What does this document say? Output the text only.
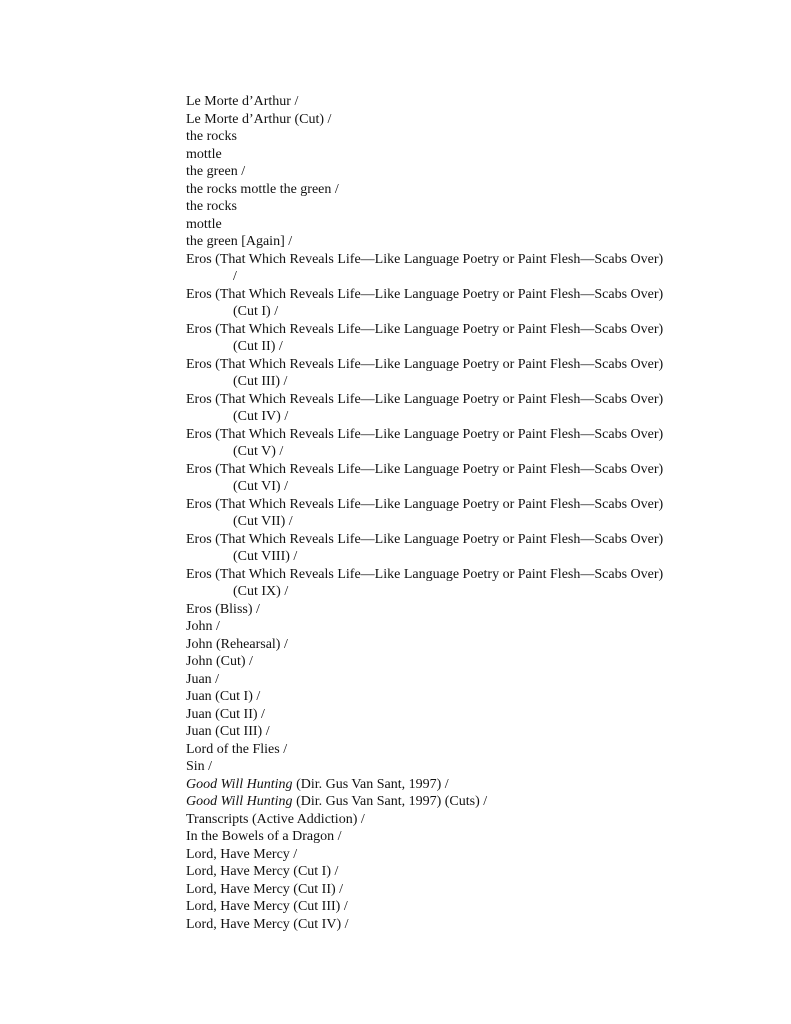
Le Morte d’Arthur /
Le Morte d’Arthur (Cut) /
the rocks
mottle
the green /
the rocks mottle the green /
the rocks
mottle
the green [Again] /
Eros (That Which Reveals Life—Like Language Poetry or Paint Flesh—Scabs Over)
/
Eros (That Which Reveals Life—Like Language Poetry or Paint Flesh—Scabs Over)
(Cut I) /
Eros (That Which Reveals Life—Like Language Poetry or Paint Flesh—Scabs Over)
(Cut II) /
Eros (That Which Reveals Life—Like Language Poetry or Paint Flesh—Scabs Over)
(Cut III) /
Eros (That Which Reveals Life—Like Language Poetry or Paint Flesh—Scabs Over)
(Cut IV) /
Eros (That Which Reveals Life—Like Language Poetry or Paint Flesh—Scabs Over)
(Cut V) /
Eros (That Which Reveals Life—Like Language Poetry or Paint Flesh—Scabs Over)
(Cut VI) /
Eros (That Which Reveals Life—Like Language Poetry or Paint Flesh—Scabs Over)
(Cut VII) /
Eros (That Which Reveals Life—Like Language Poetry or Paint Flesh—Scabs Over)
(Cut VIII) /
Eros (That Which Reveals Life—Like Language Poetry or Paint Flesh—Scabs Over)
(Cut IX) /
Eros (Bliss) /
John /
John (Rehearsal) /
John (Cut) /
Juan /
Juan (Cut I) /
Juan (Cut II) /
Juan (Cut III) /
Lord of the Flies /
Sin /
Good Will Hunting (Dir. Gus Van Sant, 1997) /
Good Will Hunting (Dir. Gus Van Sant, 1997) (Cuts) /
Transcripts (Active Addiction) /
In the Bowels of a Dragon /
Lord, Have Mercy /
Lord, Have Mercy (Cut I) /
Lord, Have Mercy (Cut II) /
Lord, Have Mercy (Cut III) /
Lord, Have Mercy (Cut IV) /
